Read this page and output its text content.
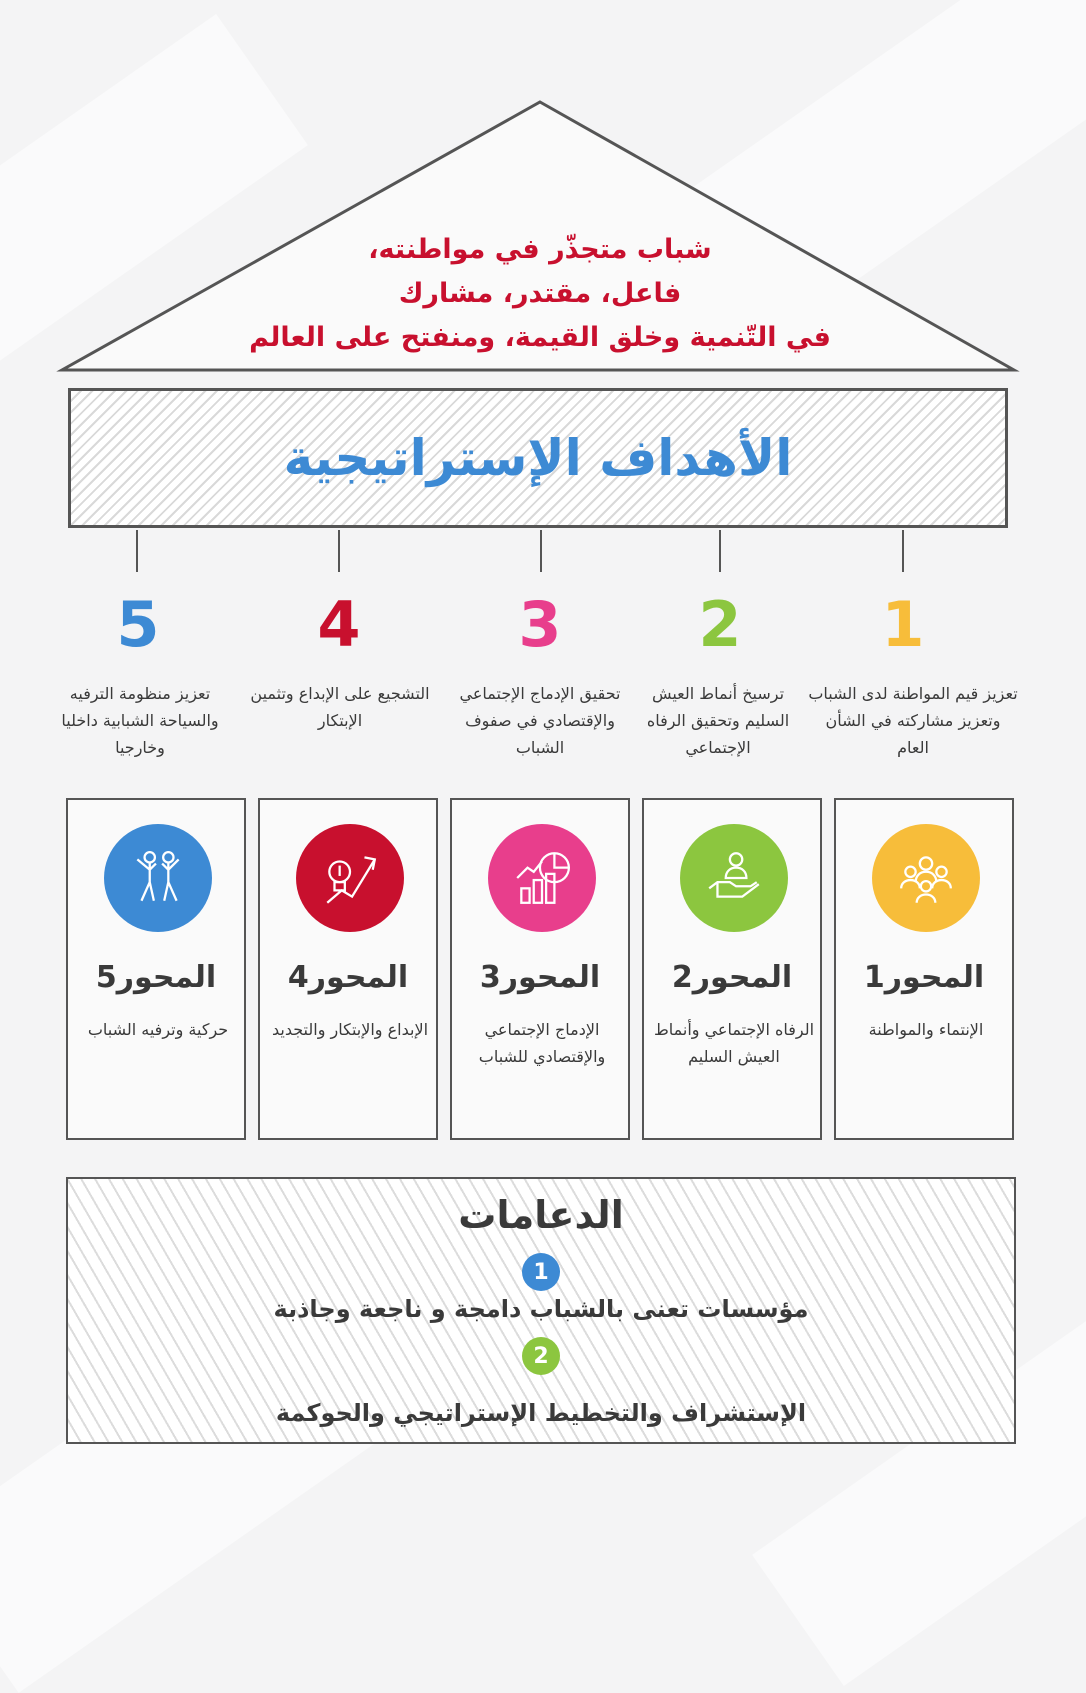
شباب متجذّر في مواطنته،
فاعل، مقتدر، مشارك
في التّنمية وخلق القيمة، ومنفتح على العالم
الأهداف الإستراتيجية
1
2
3
4
5
تعزيز قيم المواطنة لدى الشباب وتعزيز مشاركته في الشأن العام
ترسيخ أنماط العيش السليم وتحقيق الرفاه الإجتماعي
تحقيق الإدماج الإجتماعي والإقتصادي في صفوف الشباب
التشجيع على الإبداع وتثمين الإبتكار
تعزيز منظومة الترفيه والسياحة الشبابية داخليا وخارجيا
المحور1
الإنتماء والمواطنة
المحور2
الرفاه الإجتماعي وأنماط العيش السليم
المحور3
الإدماج الإجتماعي والإقتصادي للشباب
المحور4
الإبداع والإبتكار والتجديد
المحور5
حركية وترفيه الشباب
الدعامات
1
مؤسسات تعنى بالشباب دامجة و ناجعة وجاذبة
2
الإستشراف والتخطيط الإستراتيجي والحوكمة
